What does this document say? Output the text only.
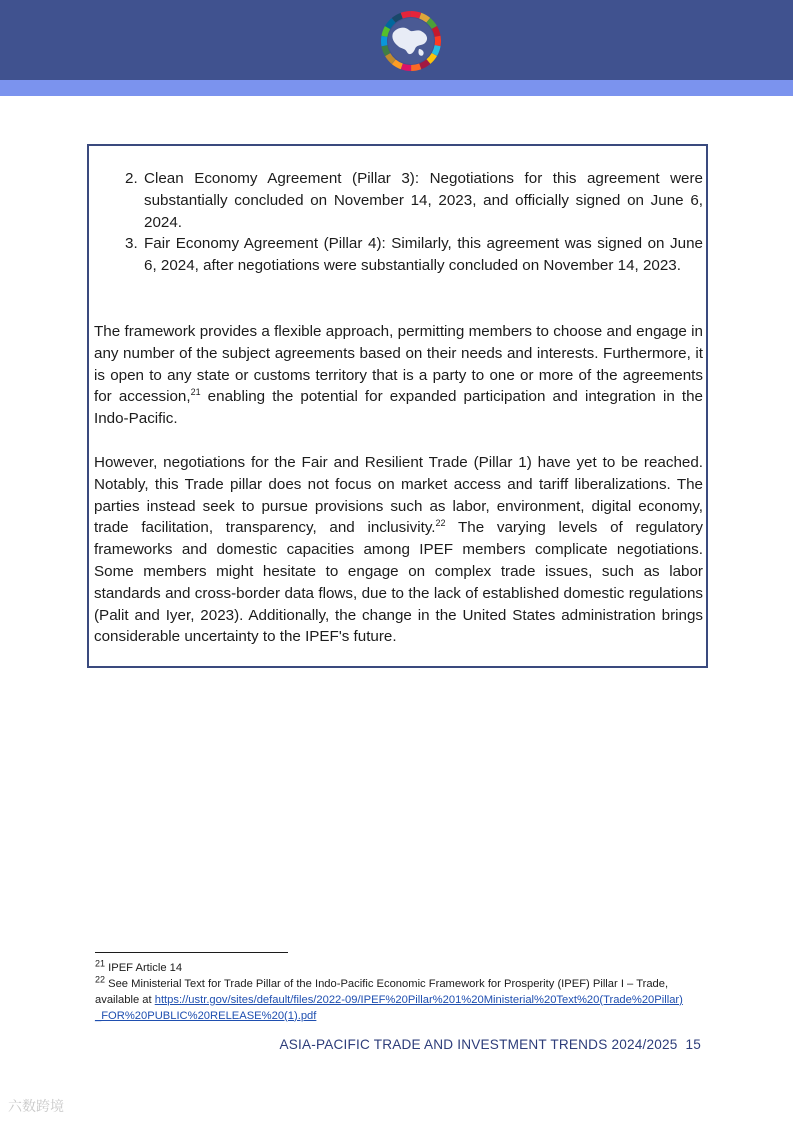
2. Clean Economy Agreement (Pillar 3): Negotiations for this agreement were substantially concluded on November 14, 2023, and officially signed on June 6, 2024.
3. Fair Economy Agreement (Pillar 4): Similarly, this agreement was signed on June 6, 2024, after negotiations were substantially concluded on November 14, 2023.
The framework provides a flexible approach, permitting members to choose and engage in any number of the subject agreements based on their needs and interests. Furthermore, it is open to any state or customs territory that is a party to one or more of the agreements for accession,$^{21}$ enabling the potential for expanded participation and integration in the Indo-Pacific.
However, negotiations for the Fair and Resilient Trade (Pillar 1) have yet to be reached. Notably, this Trade pillar does not focus on market access and tariff liberalizations. The parties instead seek to pursue provisions such as labor, environment, digital economy, trade facilitation, transparency, and inclusivity.$^{22}$ The varying levels of regulatory frameworks and domestic capacities among IPEF members complicate negotiations. Some members might hesitate to engage on complex trade issues, such as labor standards and cross-border data flows, due to the lack of established domestic regulations (Palit and Iyer, 2023). Additionally, the change in the United States administration brings considerable uncertainty to the IPEF's future.
$^{21}$ IPEF Article 14
$^{22}$ See Ministerial Text for Trade Pillar of the Indo-Pacific Economic Framework for Prosperity (IPEF) Pillar I – Trade, available at https://ustr.gov/sites/default/files/2022-09/IPEF%20Pillar%201%20Ministerial%20Text%20(Trade%20Pillar)_FOR%20PUBLIC%20RELEASE%20(1).pdf
ASIA-PACIFIC TRADE AND INVESTMENT TRENDS 2024/2025 15
六数跨境
